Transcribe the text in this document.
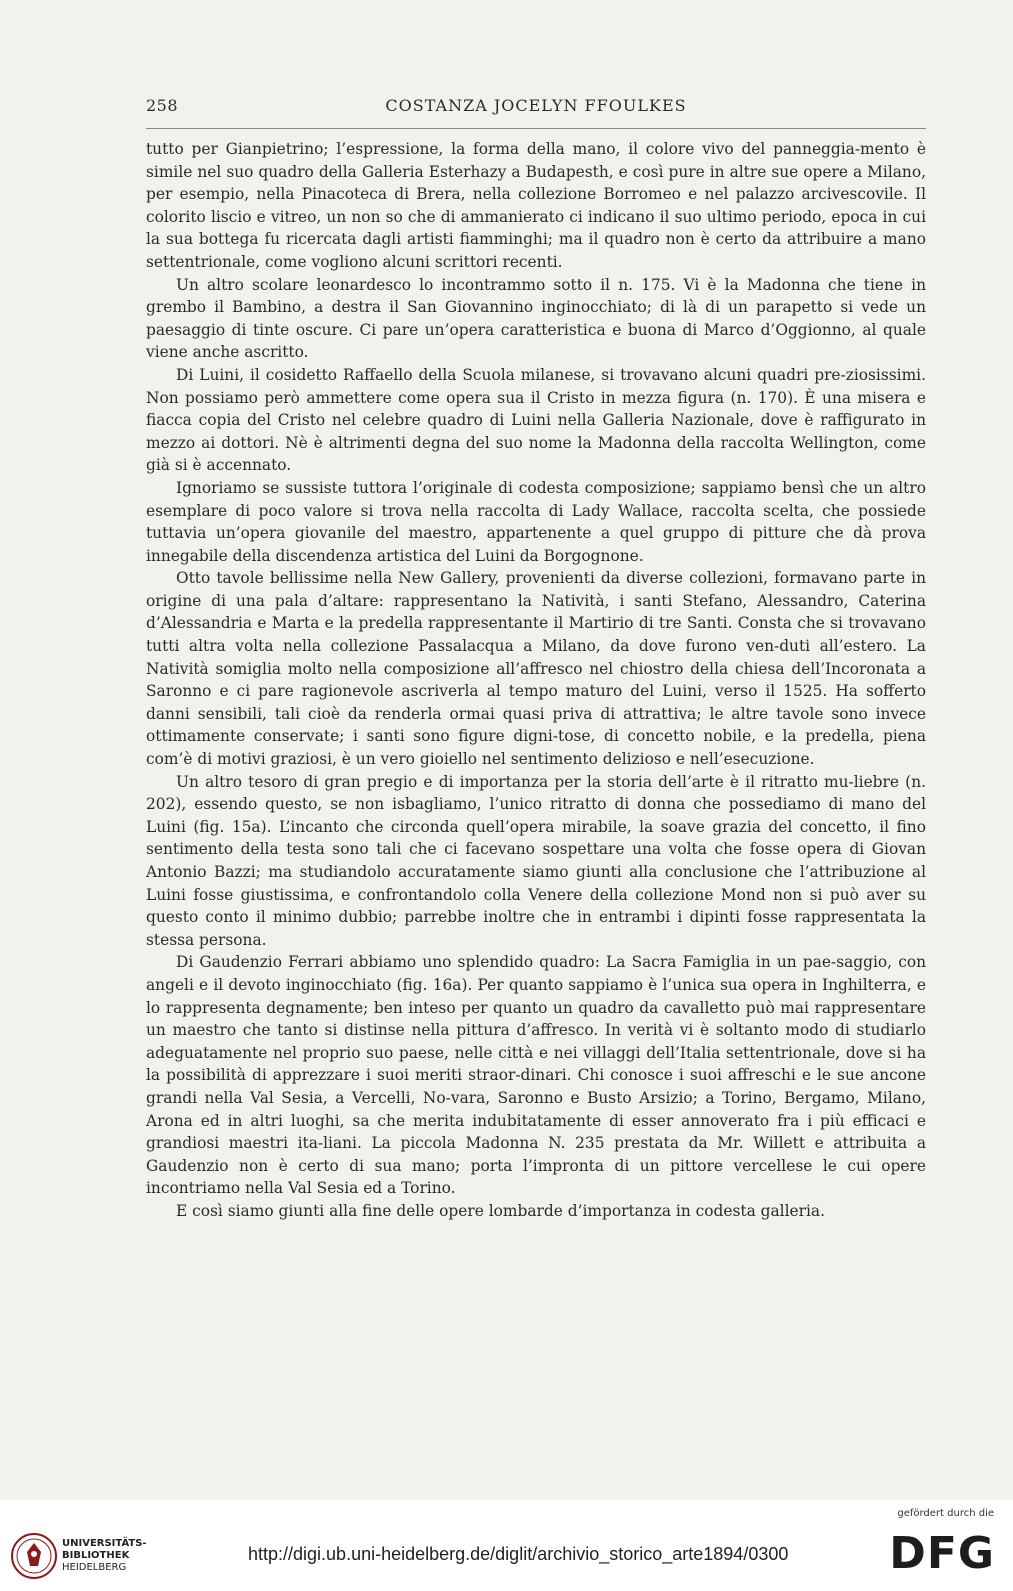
258	COSTANZA JOCELYN FFOULKES

tutto per Gianpietrino; l’espressione, la forma della mano, il colore vivo del panneggia-mento è simile nel suo quadro della Galleria Esterhazy a Budapesth, e così pure in altre sue opere a Milano, per esempio, nella Pinacoteca di Brera, nella collezione Borromeo e nel palazzo arcivescovile. Il colorito liscio e vitreo, un non so che di ammanierato ci indicano il suo ultimo periodo, epoca in cui la sua bottega fu ricercata dagli artisti fiamminghi; ma il quadro non è certo da attribuire a mano settentrionale, come vogliono alcuni scrittori recenti.

Un altro scolare leonardesco lo incontrammo sotto il n. 175. Vi è la Madonna che tiene in grembo il Bambino, a destra il San Giovannino inginocchiato; di là di un parapetto si vede un paesaggio di tinte oscure. Ci pare un’opera caratteristica e buona di Marco d’Oggionno, al quale viene anche ascritto.

Di Luini, il cosidetto Raffaello della Scuola milanese, si trovavano alcuni quadri pre-ziosissimi. Non possiamo però ammettere come opera sua il Cristo in mezza figura (n. 170). È una misera e fiacca copia del Cristo nel celebre quadro di Luini nella Galleria Nazionale, dove è raffigurato in mezzo ai dottori. Nè è altrimenti degna del suo nome la Madonna della raccolta Wellington, come già si è accennato.

Ignoriamo se sussiste tuttora l’originale di codesta composizione; sappiamo bensì che un altro esemplare di poco valore si trova nella raccolta di Lady Wallace, raccolta scelta, che possiede tuttavia un’opera giovanile del maestro, appartenente a quel gruppo di pitture che dà prova innegabile della discendenza artistica del Luini da Borgognone.

Otto tavole bellissime nella New Gallery, provenienti da diverse collezioni, formavano parte in origine di una pala d’altare: rappresentano la Natività, i santi Stefano, Alessandro, Caterina d’Alessandria e Marta e la predella rappresentante il Martirio di tre Santi. Consta che si trovavano tutti altra volta nella collezione Passalacqua a Milano, da dove furono ven-duti all’estero. La Natività somiglia molto nella composizione all’affresco nel chiostro della chiesa dell’Incoronata a Saronno e ci pare ragionevole ascriverla al tempo maturo del Luini, verso il 1525. Ha sofferto danni sensibili, tali cioè da renderla ormai quasi priva di attrattiva; le altre tavole sono invece ottimamente conservate; i santi sono figure digni-tose, di concetto nobile, e la predella, piena com’è di motivi graziosi, è un vero gioiello nel sentimento delizioso e nell’esecuzione.

Un altro tesoro di gran pregio e di importanza per la storia dell’arte è il ritratto mu-liebre (n. 202), essendo questo, se non isbagliamo, l’unico ritratto di donna che possediamo di mano del Luini (fig. 15a). L’incanto che circonda quell’opera mirabile, la soave grazia del concetto, il fino sentimento della testa sono tali che ci facevano sospettare una volta che fosse opera di Giovan Antonio Bazzi; ma studiandolo accuratamente siamo giunti alla conclusione che l’attribuzione al Luini fosse giustissima, e confrontandolo colla Venere della collezione Mond non si può aver su questo conto il minimo dubbio; parrebbe inoltre che in entrambi i dipinti fosse rappresentata la stessa persona.

Di Gaudenzio Ferrari abbiamo uno splendido quadro: La Sacra Famiglia in un pae-saggio, con angeli e il devoto inginocchiato (fig. 16a). Per quanto sappiamo è l’unica sua opera in Inghilterra, e lo rappresenta degnamente; ben inteso per quanto un quadro da cavalletto può mai rappresentare un maestro che tanto si distinse nella pittura d’affresco. In verità vi è soltanto modo di studiarlo adeguatamente nel proprio suo paese, nelle città e nei villaggi dell’Italia settentrionale, dove si ha la possibilità di apprezzare i suoi meriti straor-dinari. Chi conosce i suoi affreschi e le sue ancone grandi nella Val Sesia, a Vercelli, No-vara, Saronno e Busto Arsizio; a Torino, Bergamo, Milano, Arona ed in altri luoghi, sa che merita indubitatamente di esser annoverato fra i più efficaci e grandiosi maestri ita-liani. La piccola Madonna N. 235 prestata da Mr. Willett e attribuita a Gaudenzio non è certo di sua mano; porta l’impronta di un pittore vercellese le cui opere incontriamo nella Val Sesia ed a Torino.

E così siamo giunti alla fine delle opere lombarde d’importanza in codesta galleria.

UNIVERSITÄTS-
BIBLIOTHEK
HEIDELBERG
http://digi.ub.uni-heidelberg.de/diglit/archivio_storico_arte1894/0300
gefördert durch die
DFG
